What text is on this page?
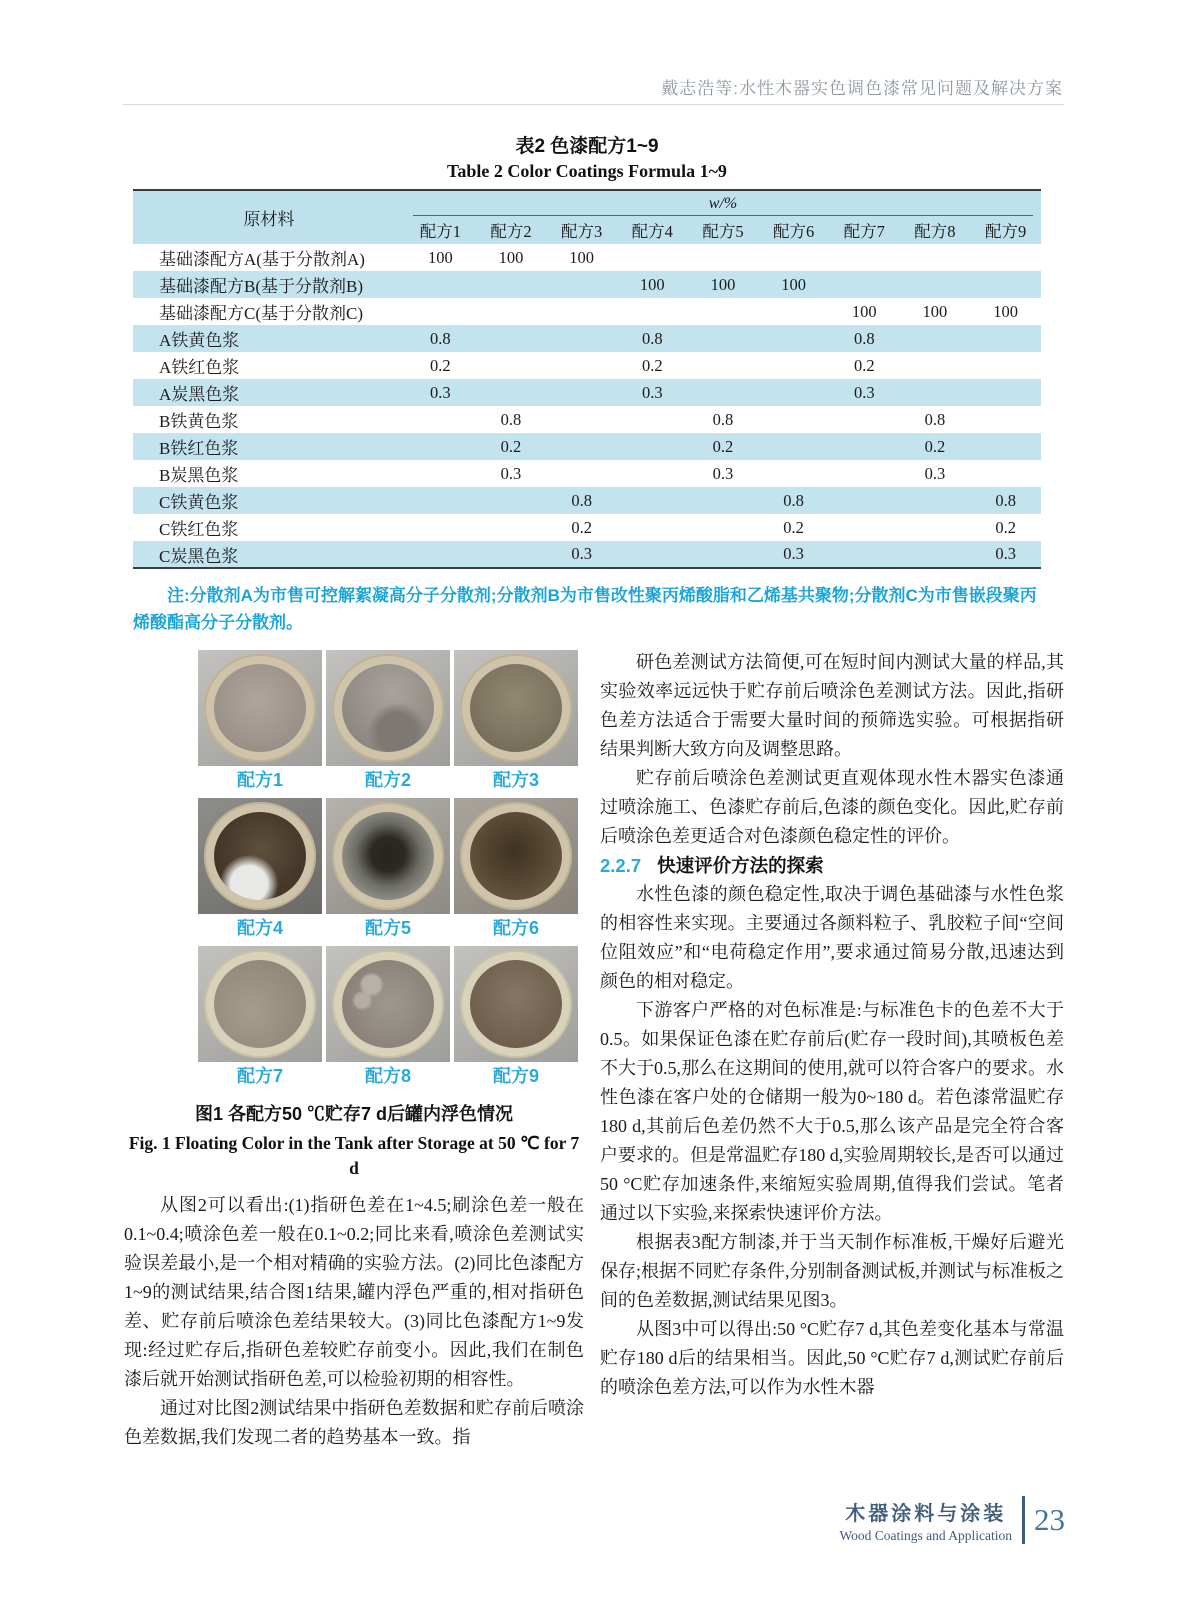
戴志浩等:水性木器实色调色漆常见问题及解决方案
表2 色漆配方1~9
Table 2 Color Coatings Formula 1~9
原材料	w/%								

	配方1	配方2	配方3	配方4	配方5	配方6	配方7	配方8	配方9
基础漆配方A(基于分散剂A)	100	100	100						
基础漆配方B(基于分散剂B)				100	100	100			
基础漆配方C(基于分散剂C)							100	100	100
A铁黄色浆	0.8			0.8			0.8		
A铁红色浆	0.2			0.2			0.2		
A炭黑色浆	0.3			0.3			0.3		
B铁黄色浆		0.8			0.8			0.8	
B铁红色浆		0.2			0.2			0.2	
B炭黑色浆		0.3			0.3			0.3	
C铁黄色浆			0.8			0.8			0.8
C铁红色浆			0.2			0.2			0.2
C炭黑色浆			0.3			0.3			0.3
注:分散剂A为市售可控解絮凝高分子分散剂;分散剂B为市售改性聚丙烯酸脂和乙烯基共聚物;分散剂C为市售嵌段聚丙烯酸酯高分子分散剂。
配方1	配方2	配方3
配方4	配方5	配方6
配方7	配方8	配方9
图1 各配方50 ℃贮存7 d后罐内浮色情况
Fig. 1 Floating Color in the Tank after Storage at 50 ℃ for 7 d

从图2可以看出:(1)指研色差在1~4.5;刷涂色差一般在0.1~0.4;喷涂色差一般在0.1~0.2;同比来看,喷涂色差测试实验误差最小,是一个相对精确的实验方法。(2)同比色漆配方1~9的测试结果,结合图1结果,罐内浮色严重的,相对指研色差、贮存前后喷涂色差结果较大。(3)同比色漆配方1~9发现:经过贮存后,指研色差较贮存前变小。因此,我们在制色漆后就开始测试指研色差,可以检验初期的相容性。

通过对比图2测试结果中指研色差数据和贮存前后喷涂色差数据,我们发现二者的趋势基本一致。指

研色差测试方法简便,可在短时间内测试大量的样品,其实验效率远远快于贮存前后喷涂色差测试方法。因此,指研色差方法适合于需要大量时间的预筛选实验。可根据指研结果判断大致方向及调整思路。

贮存前后喷涂色差测试更直观体现水性木器实色漆通过喷涂施工、色漆贮存前后,色漆的颜色变化。因此,贮存前后喷涂色差更适合对色漆颜色稳定性的评价。

2.2.7 快速评价方法的探索

水性色漆的颜色稳定性,取决于调色基础漆与水性色浆的相容性来实现。主要通过各颜料粒子、乳胶粒子间“空间位阻效应”和“电荷稳定作用”,要求通过简易分散,迅速达到颜色的相对稳定。

下游客户严格的对色标准是:与标准色卡的色差不大于0.5。如果保证色漆在贮存前后(贮存一段时间),其喷板色差不大于0.5,那么在这期间的使用,就可以符合客户的要求。水性色漆在客户处的仓储期一般为0~180 d。若色漆常温贮存180 d,其前后色差仍然不大于0.5,那么该产品是完全符合客户要求的。但是常温贮存180 d,实验周期较长,是否可以通过50 °C贮存加速条件,来缩短实验周期,值得我们尝试。笔者通过以下实验,来探索快速评价方法。

根据表3配方制漆,并于当天制作标准板,干燥好后避光保存;根据不同贮存条件,分别制备测试板,并测试与标准板之间的色差数据,测试结果见图3。

从图3中可以得出:50 °C贮存7 d,其色差变化基本与常温贮存180 d后的结果相当。因此,50 °C贮存7 d,测试贮存前后的喷涂色差方法,可以作为水性木器

木器涂料与涂装
Wood Coatings and Application 23
